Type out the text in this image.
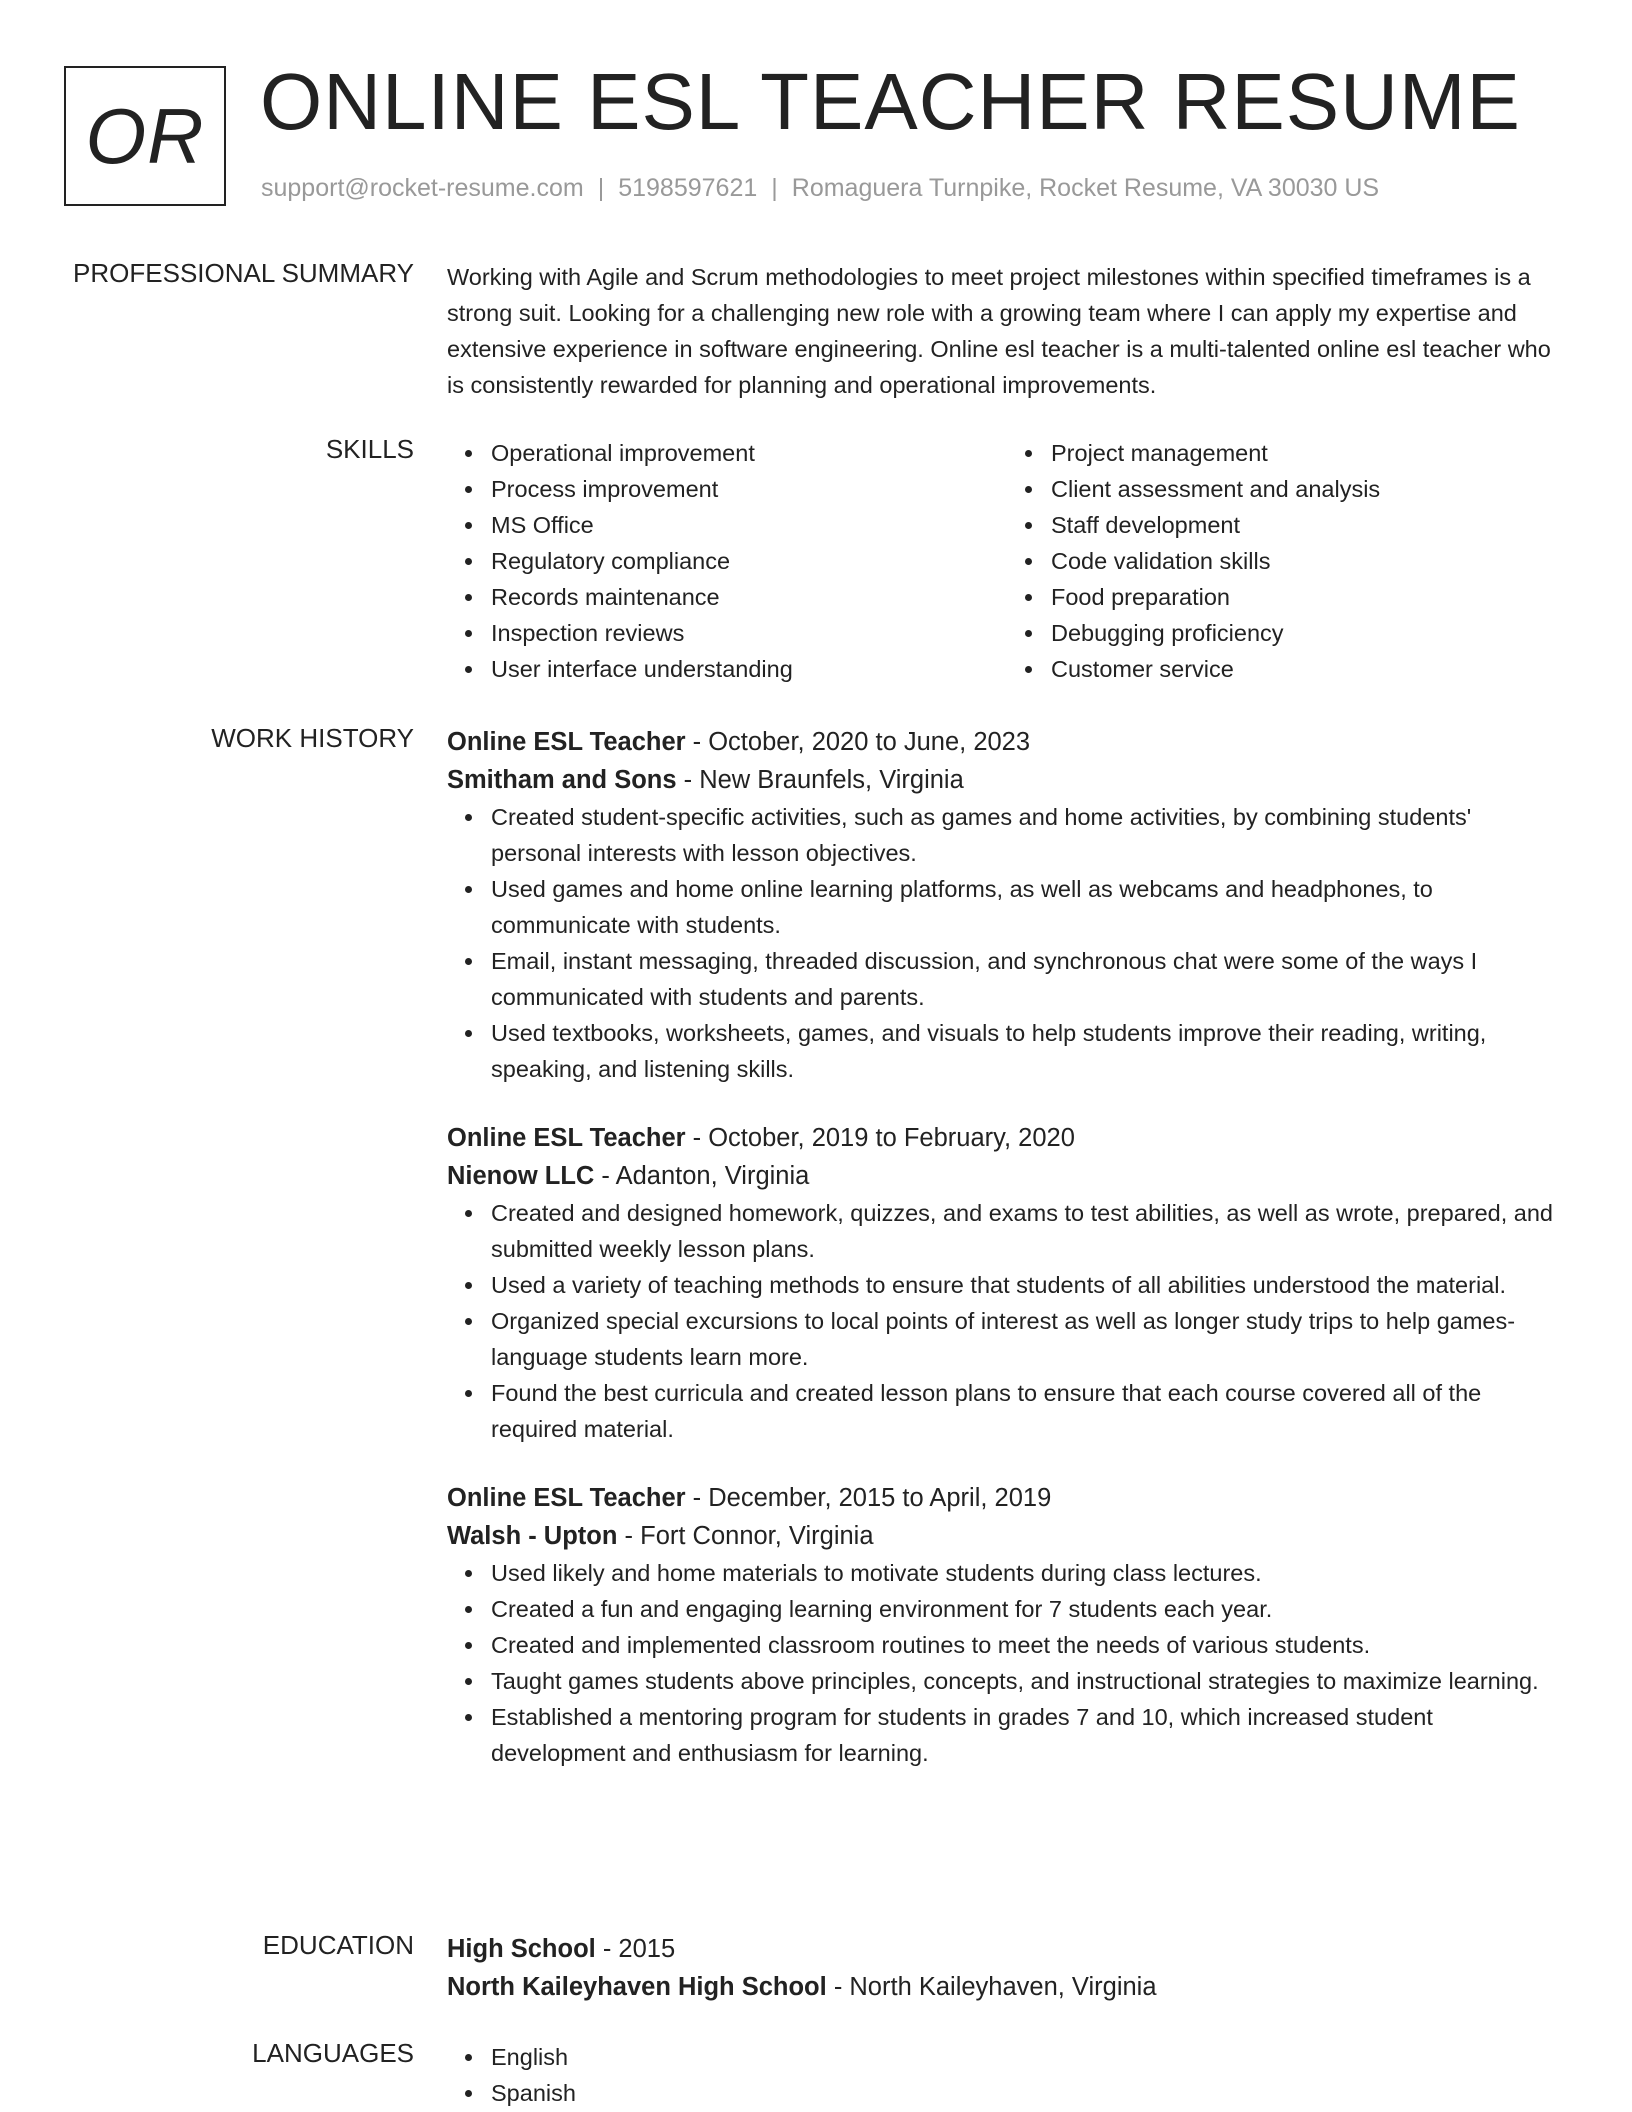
OR ONLINE ESL TEACHER RESUME
support@rocket-resume.com | 5198597621 | Romaguera Turnpike, Rocket Resume, VA 30030 US
PROFESSIONAL SUMMARY Working with Agile and Scrum methodologies to meet project milestones within specified timeframes is a strong suit. Looking for a challenging new role with a growing team where I can apply my expertise and extensive experience in software engineering. Online esl teacher is a multi-talented online esl teacher who is consistently rewarded for planning and operational improvements.

SKILLS	Operational improvement
Process improvement
MS Office
Regulatory compliance
Records maintenance
Inspection reviews
User interface understanding
Project management
Client assessment and analysis
Staff development
Code validation skills
Food preparation
Debugging proficiency
Customer service
WORK HISTORY Online ESL Teacher - October, 2020 to June, 2023

Smitham and Sons - New Braunfels, Virginia

Created student-specific activities, such as games and home activities, by combining students' personal interests with lesson objectives.
Used games and home online learning platforms, as well as webcams and headphones, to communicate with students.
Email, instant messaging, threaded discussion, and synchronous chat were some of the ways I communicated with students and parents.
Used textbooks, worksheets, games, and visuals to help students improve their reading, writing, speaking, and listening skills.

Online ESL Teacher - October, 2019 to February, 2020

Nienow LLC - Adanton, Virginia

Created and designed homework, quizzes, and exams to test abilities, as well as wrote, prepared, and submitted weekly lesson plans.
Used a variety of teaching methods to ensure that students of all abilities understood the material.
Organized special excursions to local points of interest as well as longer study trips to help games-language students learn more.
Found the best curricula and created lesson plans to ensure that each course covered all of the required material.

Online ESL Teacher - December, 2015 to April, 2019

Walsh - Upton - Fort Connor, Virginia

Used likely and home materials to motivate students during class lectures.
Created a fun and engaging learning environment for 7 students each year.
Created and implemented classroom routines to meet the needs of various students.
Taught games students above principles, concepts, and instructional strategies to maximize learning.
Established a mentoring program for students in grades 7 and 10, which increased student development and enthusiasm for learning.
EDUCATION High School - 2015

North Kaileyhaven High School - North Kaileyhaven, Virginia

LANGUAGES	English
Spanish
